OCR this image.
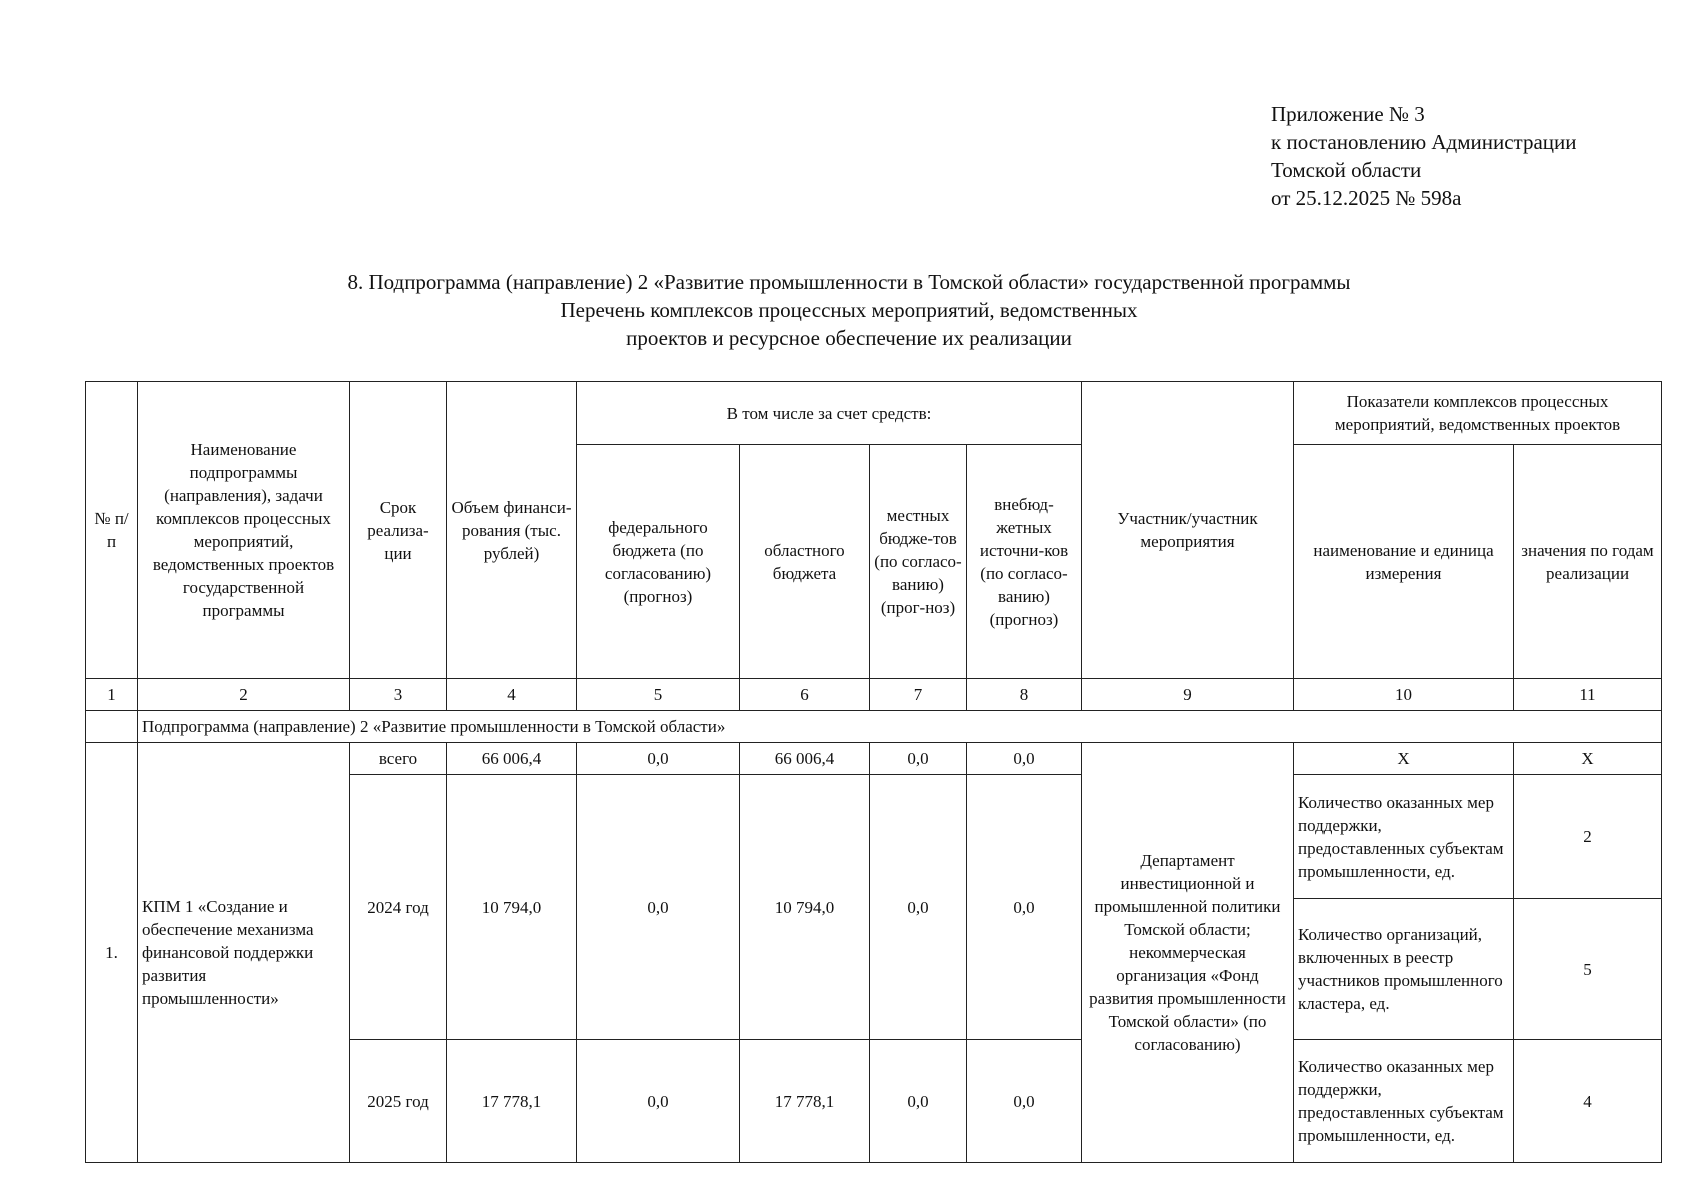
Приложение № 3
к постановлению Администрации
Томской области
от 25.12.2025 № 598а
8. Подпрограмма (направление) 2 «Развитие промышленности в Томской области» государственной программы
Перечень комплексов процессных мероприятий, ведомственных
проектов и ресурсное обеспечение их реализации
№ п/п	Наименование подпрограммы (направления), задачи комплексов процессных мероприятий, ведомственных проектов государственной программы	Срок реализа-ции	Объем финанси-рования (тыс. рублей)	В том числе за счет средств:				Участник/участник мероприятия	Показатели комплексов процессных мероприятий, ведомственных проектов	
				федерального бюджета (по согласованию) (прогноз)	областного бюджета	местных бюдже-тов (по согласо-ванию) (прог-ноз)	внебюд-жетных источни-ков (по согласо-ванию) (прогноз)		наименование и единица измерения	значения по годам реализации
1	2	3	4	5	6	7	8	9	10	11
	Подпрограмма (направление) 2 «Развитие промышленности в Томской области»									
1.	КПМ 1 «Создание и обеспечение механизма финансовой поддержки развития промышленности»	всего	66 006,4	0,0	66 006,4	0,0	0,0	Департамент инвестиционной и промышленной политики Томской области; некоммерческая организация «Фонд развития промышленности Томской области» (по согласованию)	Х	Х
		2024 год	10 794,0	0,0	10 794,0	0,0	0,0		Количество оказанных мер поддержки, предоставленных субъектам промышленности, ед.	2
									Количество организаций, включенных в реестр участников промышленного кластера, ед.	5
		2025 год	17 778,1	0,0	17 778,1	0,0	0,0		Количество оказанных мер поддержки, предоставленных субъектам промышленности, ед.	4
